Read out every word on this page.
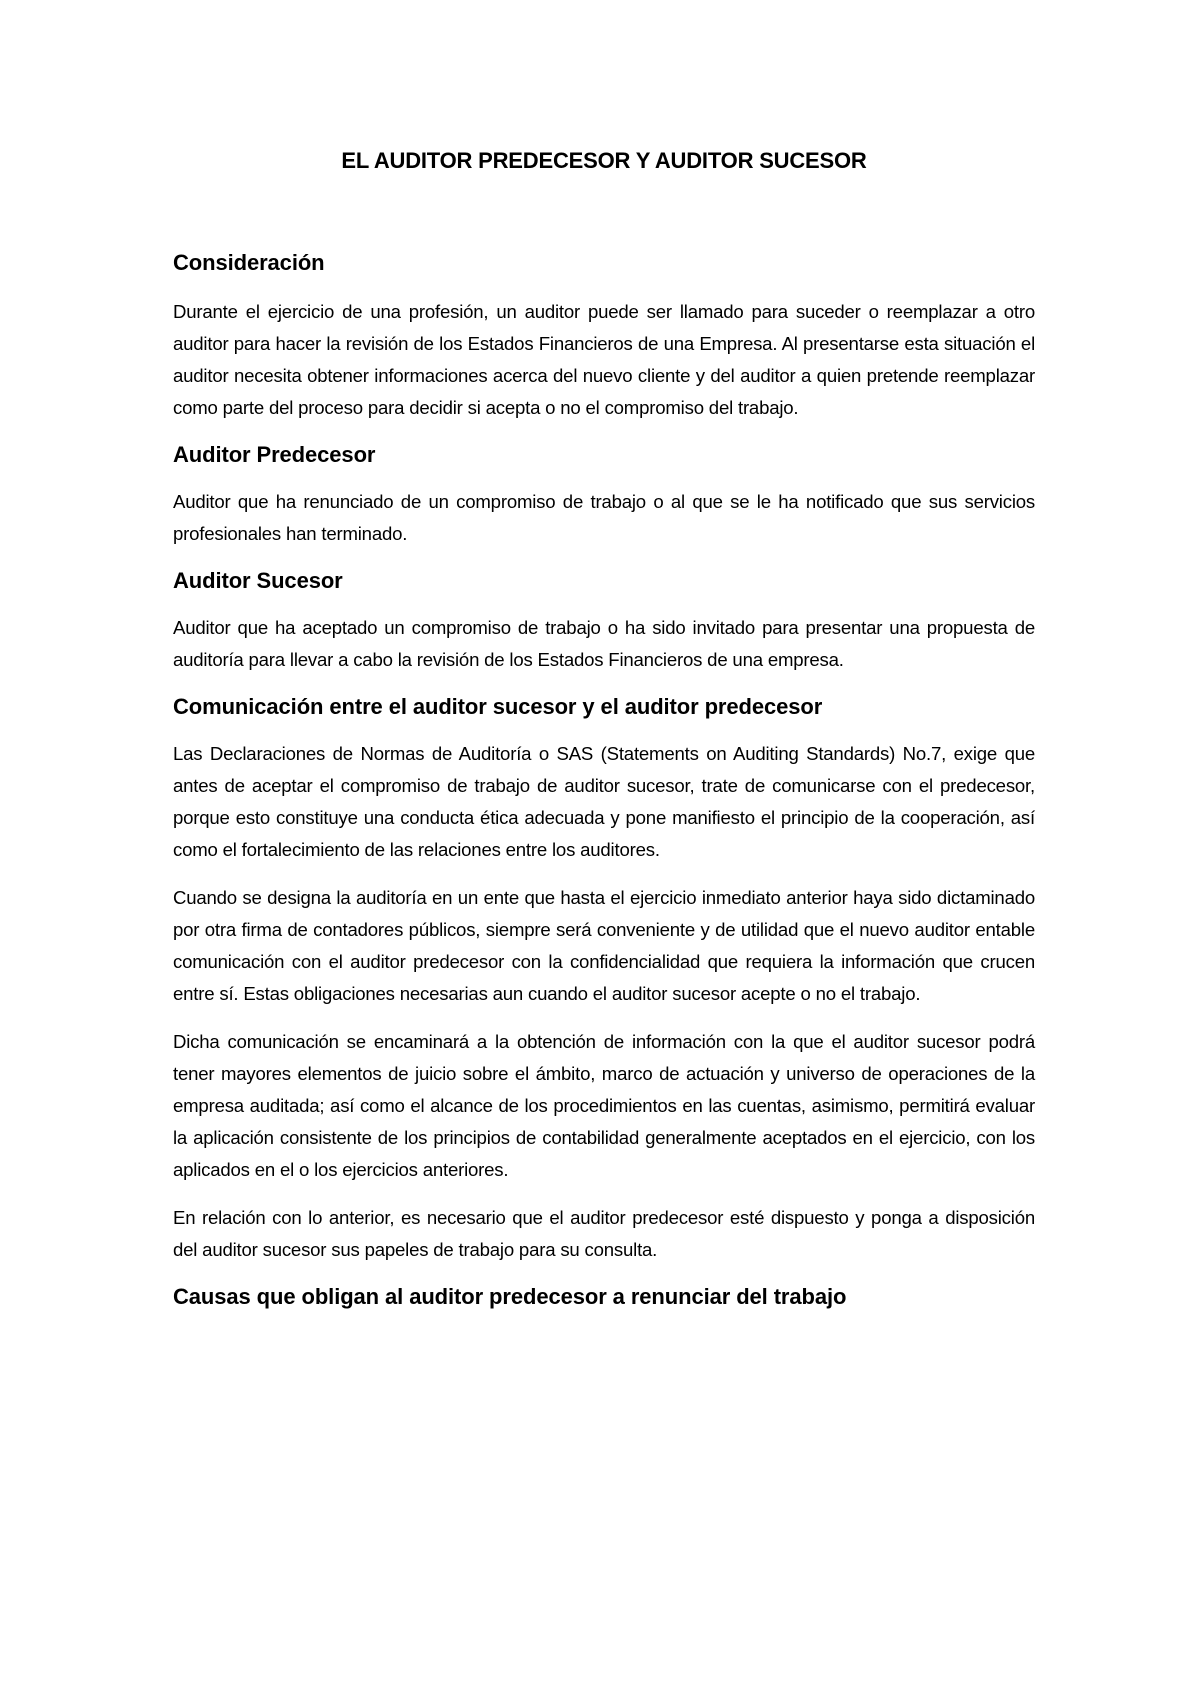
EL AUDITOR PREDECESOR Y AUDITOR SUCESOR
Consideración
Durante el ejercicio de una profesión, un auditor puede ser llamado para suceder o reemplazar a otro auditor para hacer la revisión de los Estados Financieros de una Empresa. Al presentarse esta situación el auditor necesita obtener informaciones acerca del nuevo cliente y del auditor a quien pretende reemplazar como parte del proceso para decidir si acepta o no el compromiso del trabajo.
Auditor Predecesor
Auditor que ha renunciado de un compromiso de trabajo o al que se le ha notificado que sus servicios profesionales han terminado.
Auditor Sucesor
Auditor que ha aceptado un compromiso de trabajo o ha sido invitado para presentar una propuesta de auditoría para llevar a cabo la revisión de los Estados Financieros de una empresa.
Comunicación entre el auditor sucesor y el auditor predecesor
Las Declaraciones de Normas de Auditoría o SAS (Statements on Auditing Standards) No.7, exige que antes de aceptar el compromiso de trabajo de auditor sucesor, trate de comunicarse con el predecesor, porque esto constituye una conducta ética adecuada y pone manifiesto el principio de la cooperación, así como el fortalecimiento de las relaciones entre los auditores.
Cuando se designa la auditoría en un ente que hasta el ejercicio inmediato anterior haya sido dictaminado por otra firma de contadores públicos, siempre será conveniente y de utilidad que el nuevo auditor entable comunicación con el auditor predecesor con la confidencialidad que requiera la información que crucen entre sí. Estas obligaciones necesarias aun cuando el auditor sucesor acepte o no el trabajo.
Dicha comunicación se encaminará a la obtención de información con la que el auditor sucesor podrá tener mayores elementos de juicio sobre el ámbito, marco de actuación y universo de operaciones de la empresa auditada; así como el alcance de los procedimientos en las cuentas, asimismo, permitirá evaluar la aplicación consistente de los principios de contabilidad generalmente aceptados en el ejercicio, con los aplicados en el o los ejercicios anteriores.
En relación con lo anterior, es necesario que el auditor predecesor esté dispuesto y ponga a disposición del auditor sucesor sus papeles de trabajo para su consulta.
Causas que obligan al auditor predecesor a renunciar del trabajo
